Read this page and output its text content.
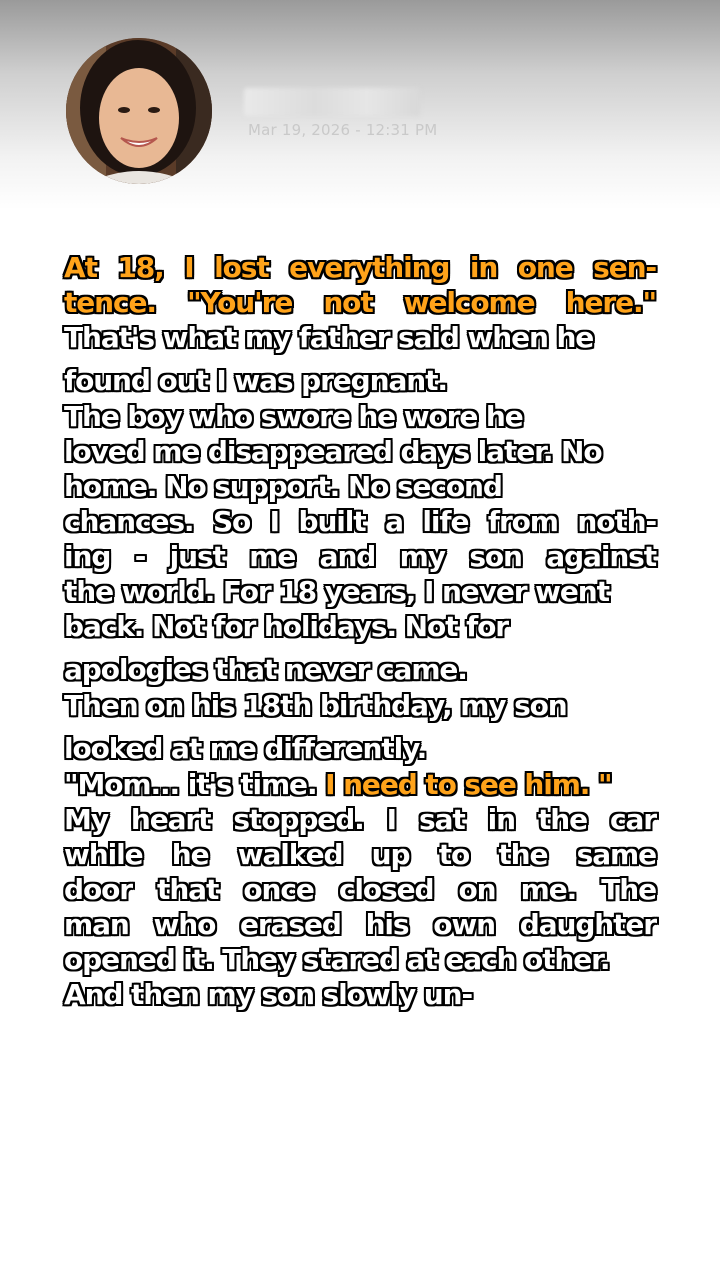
Mar 19, 2026 - 12:31 PM
At 18, I lost everything in one sen-
tence. "You're not welcome here."
That's what my father said when he
found out I was pregnant.
The boy who swore he wore he
loved me disappeared days later. No
home. No support. No second
chances. So I built a life from noth-
ing - just me and my son against
the world. For 18 years, I never went
back. Not for holidays. Not for
apologies that never came.
Then on his 18th birthday, my son
looked at me differently.
"Mom... it's time. I need to see him. "
My heart stopped. I sat in the car
while he walked up to the same
door that once closed on me. The
man who erased his own daughter
opened it. They stared at each other.
And then my son slowly un-
